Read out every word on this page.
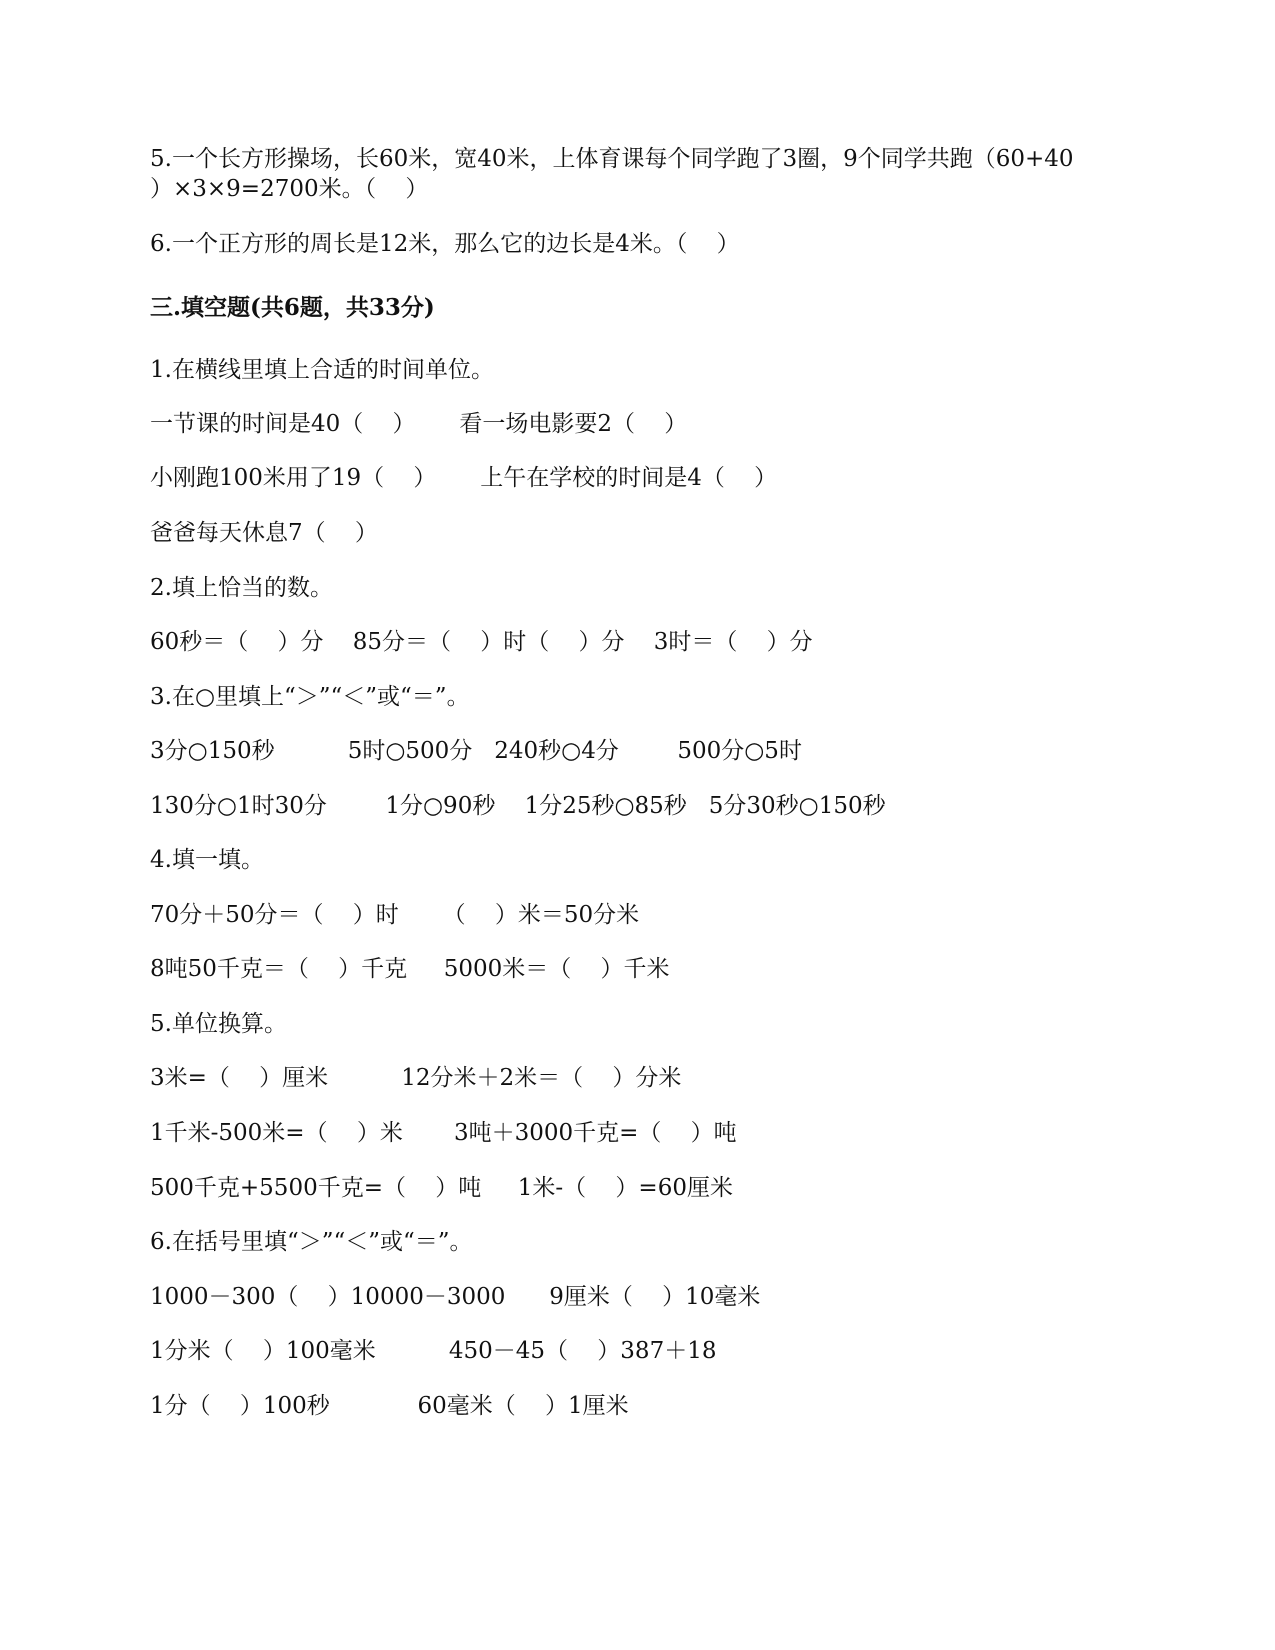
5.一个长方形操场，长60米，宽40米，上体育课每个同学跑了3圈，9个同学共跑（60+40
）×3×9=2700米。（    ）
6.一个正方形的周长是12米，那么它的边长是4米。（    ）
三.填空题(共6题，共33分)
1.在横线里填上合适的时间单位。
一节课的时间是40（    ）      看一场电影要2（    ）
小刚跑100米用了19（    ）      上午在学校的时间是4（    ）
爸爸每天休息7（    ）
2.填上恰当的数。
60秒＝（    ）分    85分＝（    ）时（    ）分    3时＝（    ）分
3.在○里填上“＞”“＜”或“＝”。
3分○150秒          5时○500分   240秒○4分        500分○5时
130分○1时30分        1分○90秒    1分25秒○85秒   5分30秒○150秒
4.填一填。
70分＋50分＝（    ）时      （    ）米＝50分米
8吨50千克＝（    ）千克     5000米＝（    ）千米
5.单位换算。
3米=（    ）厘米          12分米＋2米＝（    ）分米
1千米-500米=（    ）米       3吨＋3000千克=（    ）吨
500千克+5500千克=（    ）吨     1米-（    ）=60厘米
6.在括号里填“＞”“＜”或“＝”。
1000－300（    ）10000－3000      9厘米（    ）10毫米
1分米（    ）100毫米          450－45（    ）387＋18
1分（    ）100秒            60毫米（    ）1厘米
